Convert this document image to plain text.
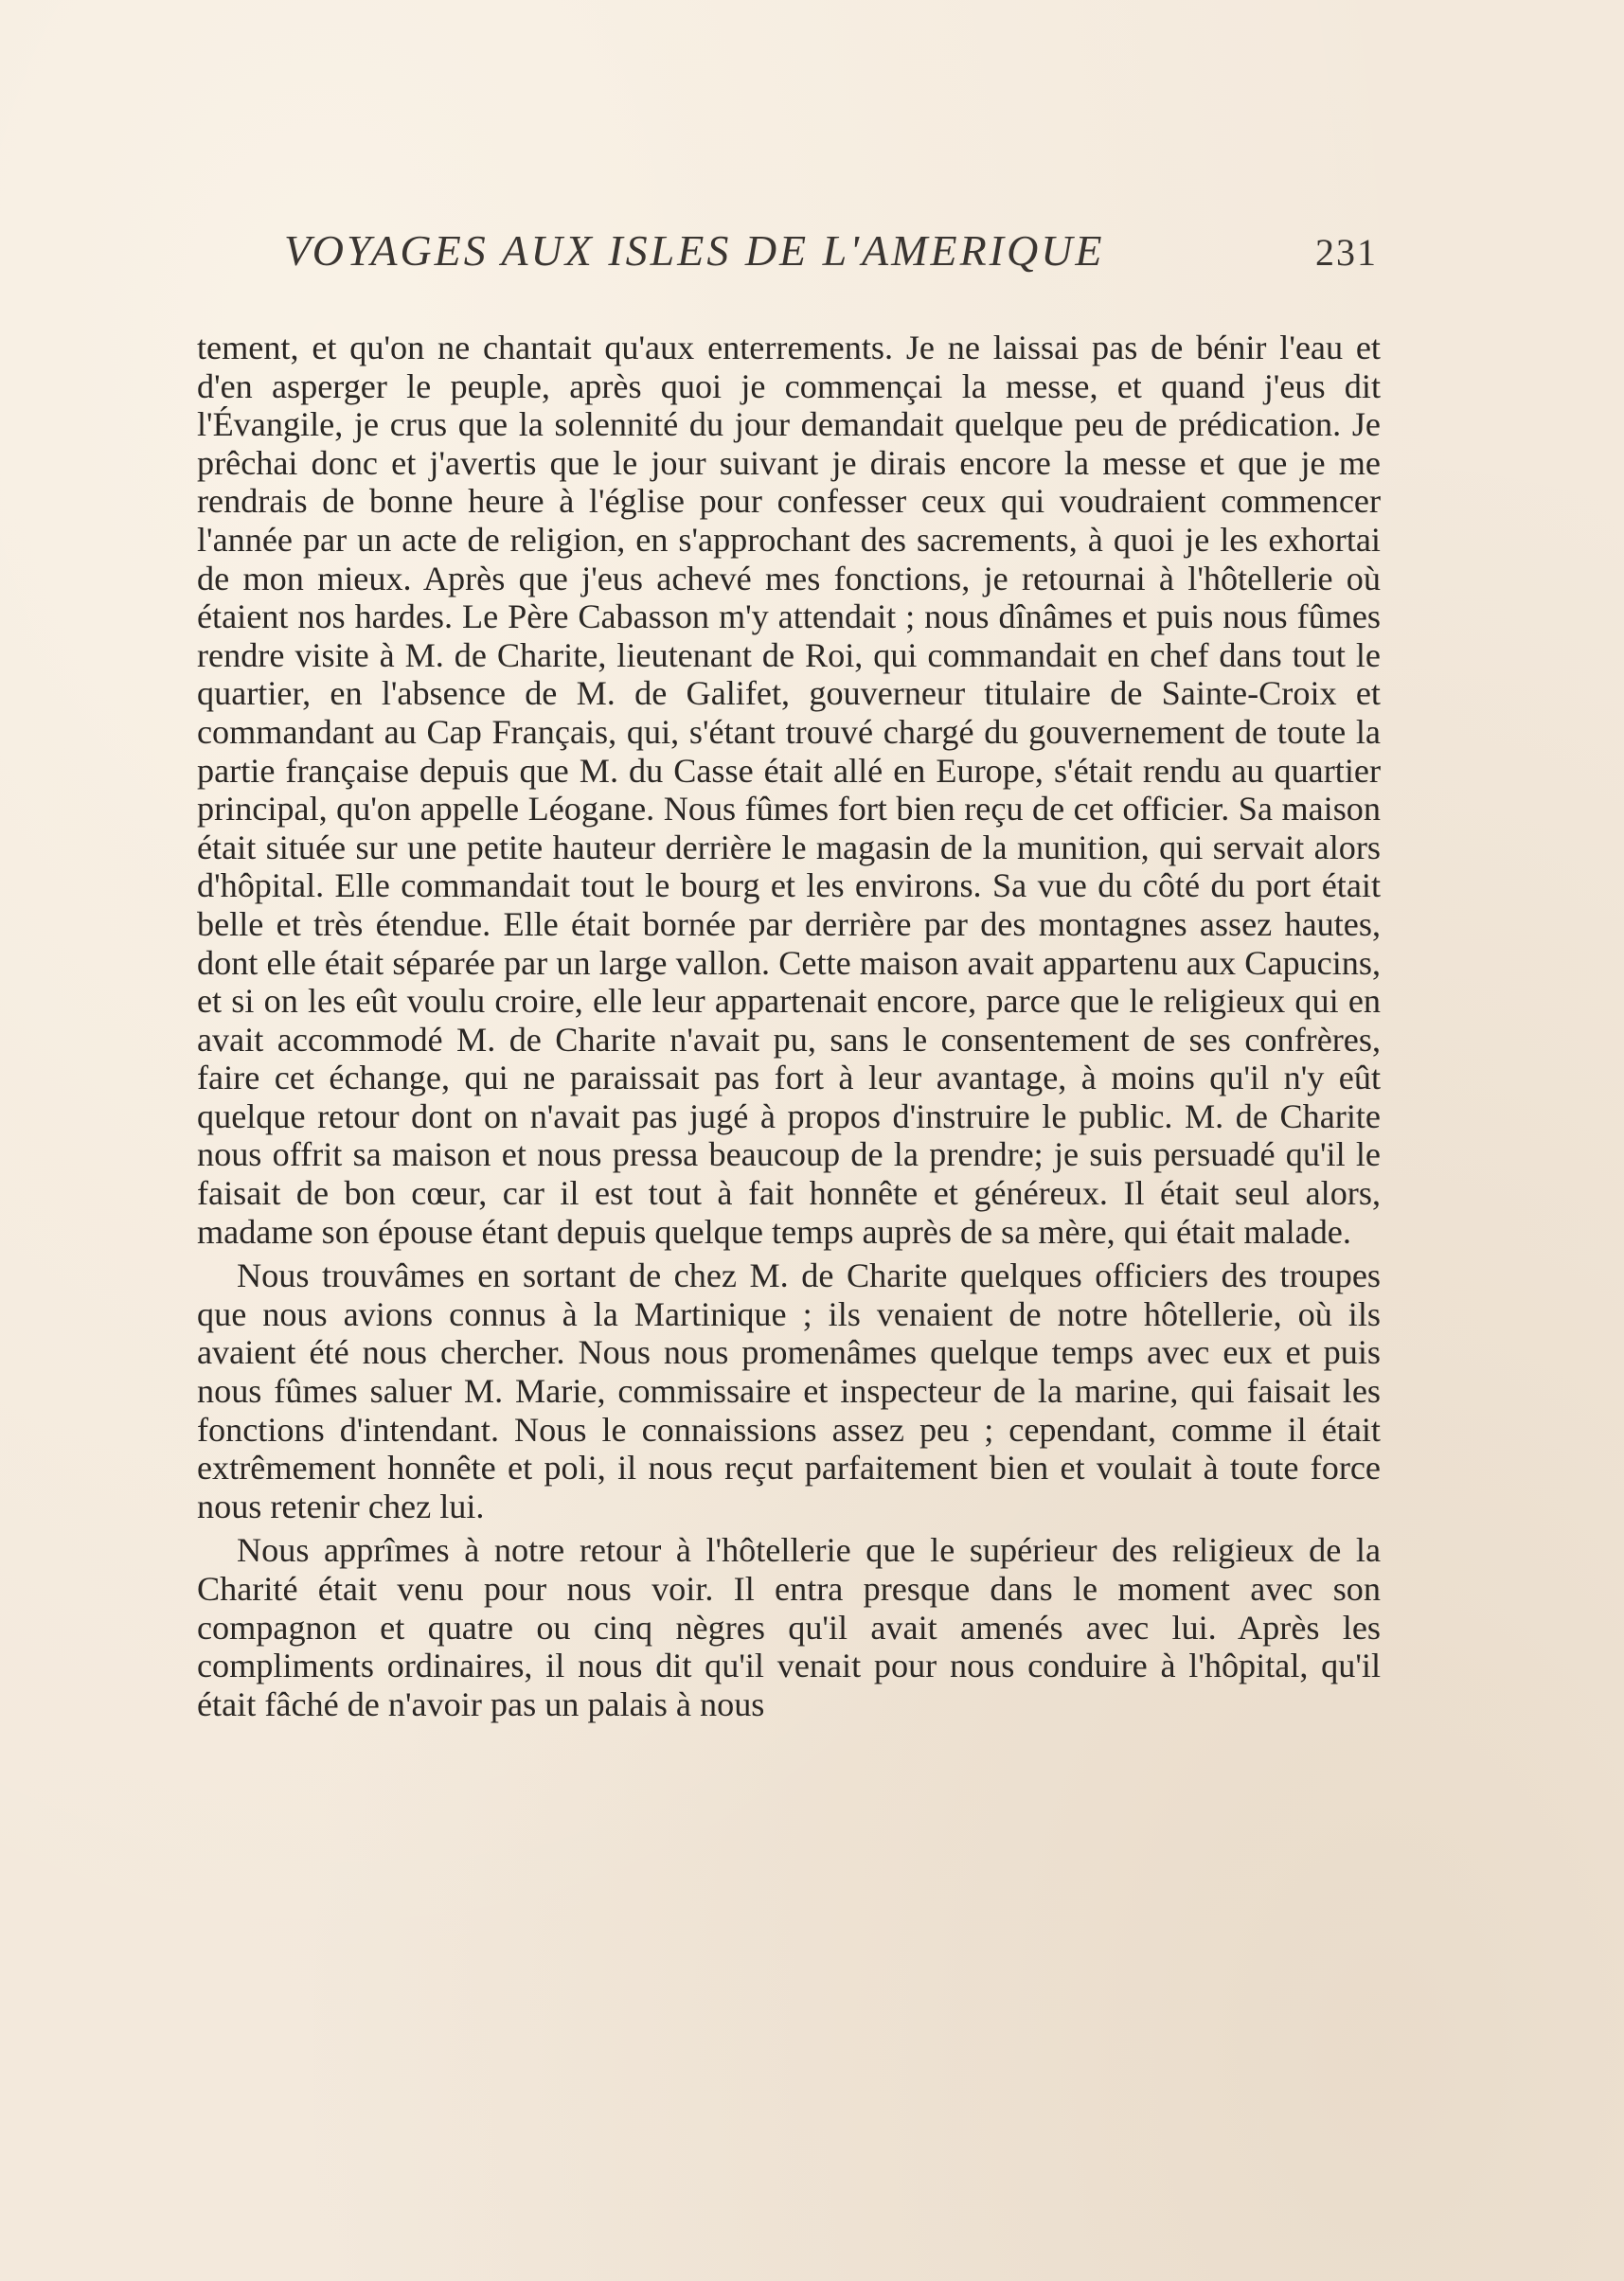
VOYAGES AUX ISLES DE L'AMERIQUE	231

tement, et qu'on ne chantait qu'aux enterrements. Je ne laissai pas de bénir l'eau et d'en asperger le peuple, après quoi je commençai la messe, et quand j'eus dit l'Évangile, je crus que la solennité du jour demandait quelque peu de prédication. Je prêchai donc et j'avertis que le jour suivant je dirais encore la messe et que je me rendrais de bonne heure à l'église pour confesser ceux qui voudraient commencer l'année par un acte de religion, en s'approchant des sacrements, à quoi je les exhortai de mon mieux. Après que j'eus achevé mes fonctions, je retournai à l'hôtellerie où étaient nos hardes. Le Père Cabasson m'y attendait ; nous dînâmes et puis nous fûmes rendre visite à M. de Charite, lieutenant de Roi, qui commandait en chef dans tout le quartier, en l'absence de M. de Galifet, gouverneur titulaire de Sainte-Croix et commandant au Cap Français, qui, s'étant trouvé chargé du gouvernement de toute la partie française depuis que M. du Casse était allé en Europe, s'était rendu au quartier principal, qu'on appelle Léogane. Nous fûmes fort bien reçu de cet officier. Sa maison était située sur une petite hauteur derrière le magasin de la munition, qui servait alors d'hôpital. Elle commandait tout le bourg et les environs. Sa vue du côté du port était belle et très étendue. Elle était bornée par derrière par des montagnes assez hautes, dont elle était séparée par un large vallon. Cette maison avait appartenu aux Capucins, et si on les eût voulu croire, elle leur appartenait encore, parce que le religieux qui en avait accommodé M. de Charite n'avait pu, sans le consentement de ses confrères, faire cet échange, qui ne paraissait pas fort à leur avantage, à moins qu'il n'y eût quelque retour dont on n'avait pas jugé à propos d'instruire le public. M. de Charite nous offrit sa maison et nous pressa beaucoup de la prendre; je suis persuadé qu'il le faisait de bon cœur, car il est tout à fait honnête et généreux. Il était seul alors, madame son épouse étant depuis quelque temps auprès de sa mère, qui était malade.

Nous trouvâmes en sortant de chez M. de Charite quelques officiers des troupes que nous avions connus à la Martinique ; ils venaient de notre hôtellerie, où ils avaient été nous chercher. Nous nous promenâmes quelque temps avec eux et puis nous fûmes saluer M. Marie, commissaire et inspecteur de la marine, qui faisait les fonctions d'intendant. Nous le connaissions assez peu ; cependant, comme il était extrêmement honnête et poli, il nous reçut parfaitement bien et voulait à toute force nous retenir chez lui.

Nous apprîmes à notre retour à l'hôtellerie que le supérieur des religieux de la Charité était venu pour nous voir. Il entra presque dans le moment avec son compagnon et quatre ou cinq nègres qu'il avait amenés avec lui. Après les compliments ordinaires, il nous dit qu'il venait pour nous conduire à l'hôpital, qu'il était fâché de n'avoir pas un palais à nous
